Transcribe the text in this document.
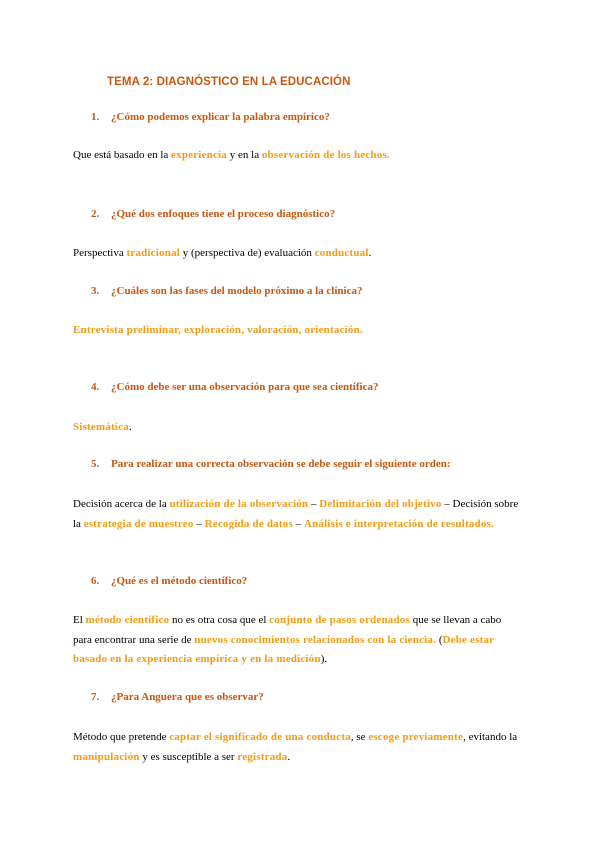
TEMA 2: DIAGNÓSTICO EN LA EDUCACIÓN
1. ¿Cómo podemos explicar la palabra empírico?
Que está basado en la experiencia y en la observación de los hechos.
2. ¿Qué dos enfoques tiene el proceso diagnóstico?
Perspectiva tradicional y (perspectiva de) evaluación conductual.
3. ¿Cuáles son las fases del modelo próximo a la clínica?
Entrevista preliminar, exploración, valoración, orientación.
4. ¿Cómo debe ser una observación para que sea científica?
Sistemática.
5. Para realizar una correcta observación se debe seguir el siguiente orden:
Decisión acerca de la utilización de la observación – Delimitación del objetivo – Decisión sobre la estrategia de muestreo – Recogida de datos – Análisis e interpretación de resultados.
6. ¿Qué es el método científico?
El método científico no es otra cosa que el conjunto de pasos ordenados que se llevan a cabo para encontrar una serie de nuevos conocimientos relacionados con la ciencia. (Debe estar basado en la experiencia empírica y en la medición).
7. ¿Para Anguera que es observar?
Método que pretende captar el significado de una conducta, se escoge previamente, evitando la manipulación y es susceptible a ser registrada.
